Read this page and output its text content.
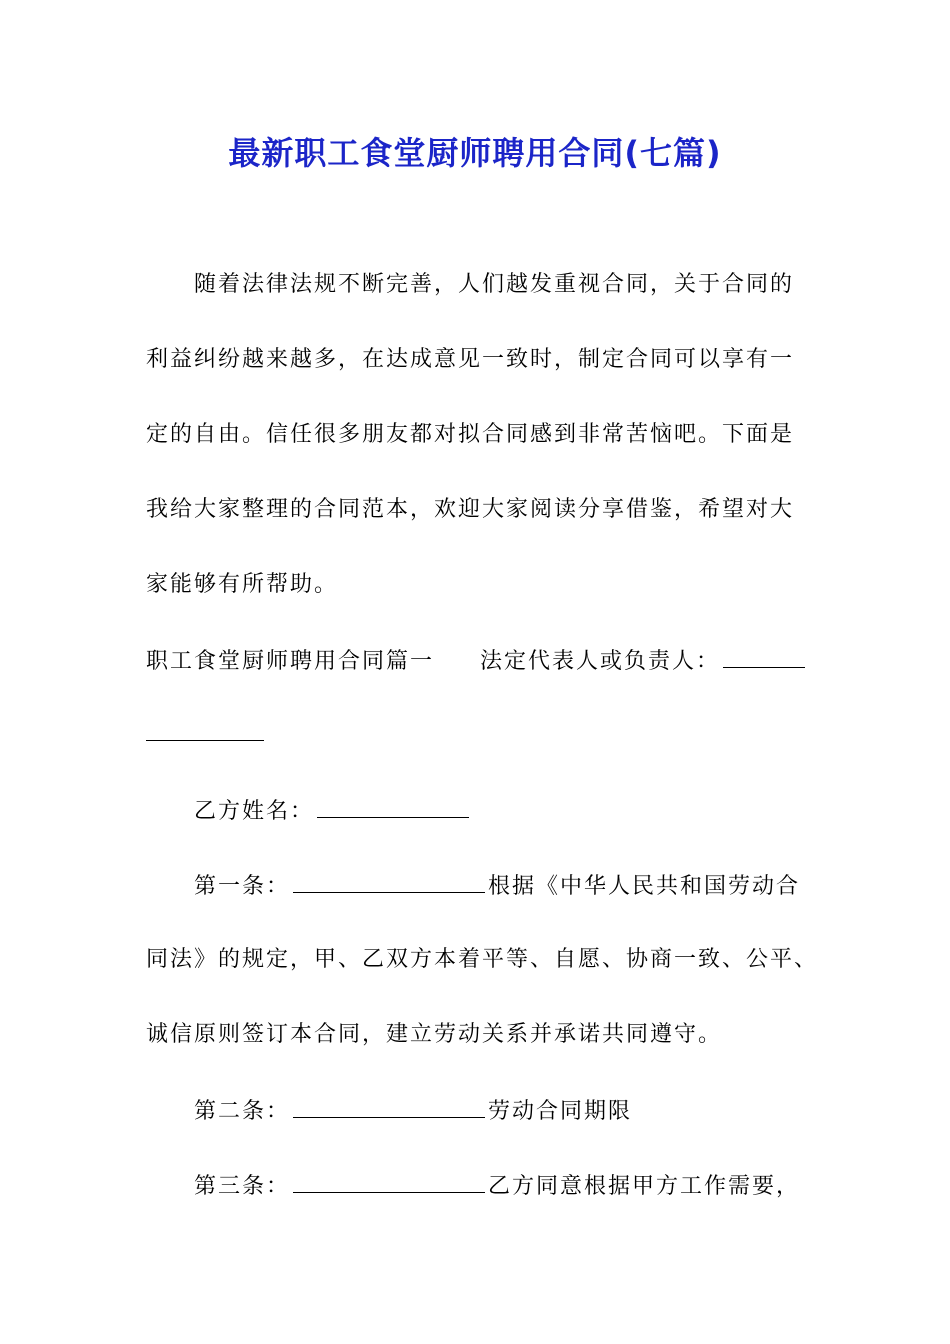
最新职工食堂厨师聘用合同(七篇)
随着法律法规不断完善，人们越发重视合同，关于合同的
利益纠纷越来越多，在达成意见一致时，制定合同可以享有一
定的自由。信任很多朋友都对拟合同感到非常苦恼吧。下面是
我给大家整理的合同范本，欢迎大家阅读分享借鉴，希望对大
家能够有所帮助。
职工食堂厨师聘用合同篇一 法定代表人或负责人：
乙方姓名：
第一条：	根据《中华人民共和国劳动合
同法》的规定，甲、乙双方本着平等、自愿、协商一致、公平、
诚信原则签订本合同，建立劳动关系并承诺共同遵守。
第二条：	劳动合同期限
第三条：	乙方同意根据甲方工作需要，
